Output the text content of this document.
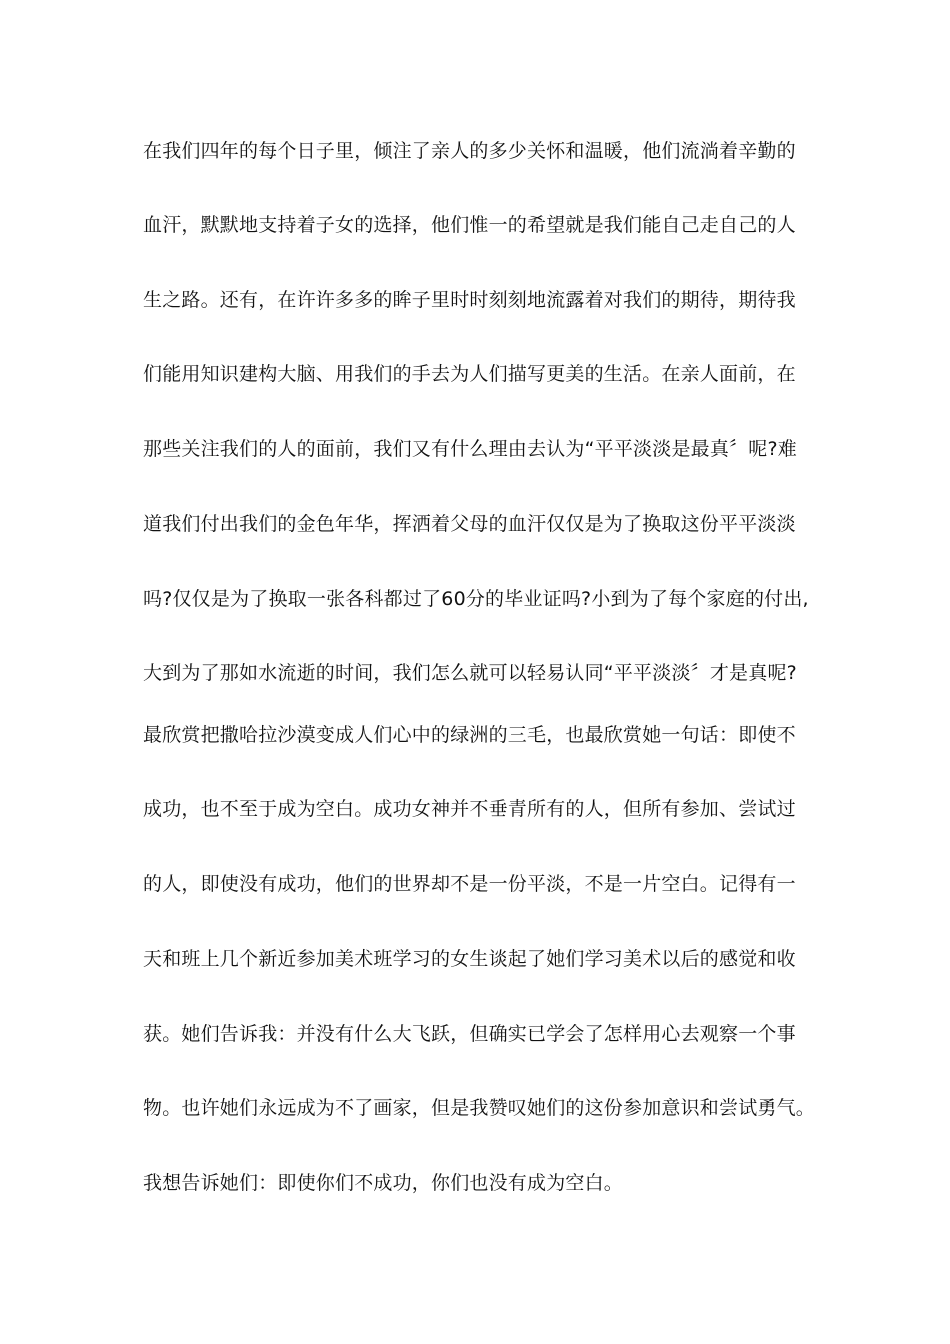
在我们四年的每个日子里，倾注了亲人的多少关怀和温暖，他们流淌着辛勤的
血汗，默默地支持着子女的选择，他们惟一的希望就是我们能自己走自己的人
生之路。还有，在许许多多的眸子里时时刻刻地流露着对我们的期待，期待我
们能用知识建构大脑、用我们的手去为人们描写更美的生活。在亲人面前，在
那些关注我们的人的面前，我们又有什么理由去认为“平平淡淡是最真〞呢?难
道我们付出我们的金色年华，挥洒着父母的血汗仅仅是为了换取这份平平淡淡
吗?仅仅是为了换取一张各科都过了60分的毕业证吗?小到为了每个家庭的付出,
大到为了那如水流逝的时间，我们怎么就可以轻易认同“平平淡淡〞才是真呢?
最欣赏把撒哈拉沙漠变成人们心中的绿洲的三毛，也最欣赏她一句话：即使不
成功，也不至于成为空白。成功女神并不垂青所有的人，但所有参加、尝试过
的人，即使没有成功，他们的世界却不是一份平淡，不是一片空白。记得有一
天和班上几个新近参加美术班学习的女生谈起了她们学习美术以后的感觉和收
获。她们告诉我：并没有什么大飞跃，但确实已学会了怎样用心去观察一个事
物。也许她们永远成为不了画家，但是我赞叹她们的这份参加意识和尝试勇气。
我想告诉她们：即使你们不成功，你们也没有成为空白。
